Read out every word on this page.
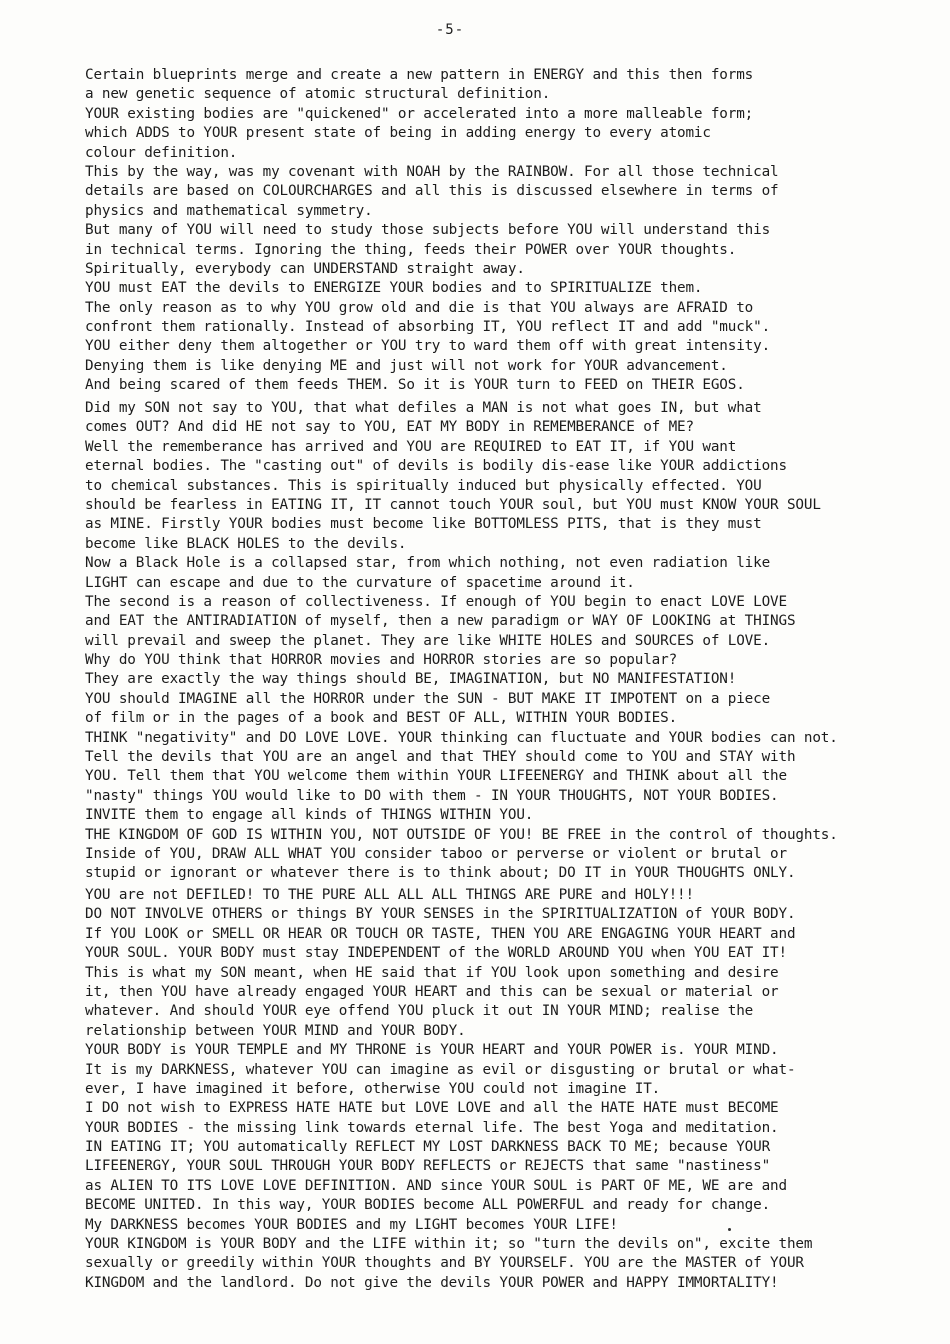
-5-
Certain blueprints merge and create a new pattern in ENERGY and this then forms
a new genetic sequence of atomic structural definition.
YOUR existing bodies are "quickened" or accelerated into a more malleable form;
which ADDS to YOUR present state of being in adding energy to every atomic
colour definition.
This by the way, was my covenant with NOAH by the RAINBOW. For all those technical
details are based on COLOURCHARGES and all this is discussed elsewhere in terms of
physics and mathematical symmetry.
But many of YOU will need to study those subjects before YOU will understand this
in technical terms. Ignoring the thing, feeds their POWER over YOUR thoughts.
Spiritually, everybody can UNDERSTAND straight away.
YOU must EAT the devils to ENERGIZE YOUR bodies and to SPIRITUALIZE them.
The only reason as to why YOU grow old and die is that YOU always are AFRAID to
confront them rationally. Instead of absorbing IT, YOU reflect IT and add "muck".
YOU either deny them altogether or YOU try to ward them off with great intensity.
Denying them is like denying ME and just will not work for YOUR advancement.
And being scared of them feeds THEM. So it is YOUR turn to FEED on THEIR EGOS.
Did my SON not say to YOU, that what defiles a MAN is not what goes IN, but what
comes OUT? And did HE not say to YOU, EAT MY BODY in REMEMBERANCE of ME?
Well the rememberance has arrived and YOU are REQUIRED to EAT IT, if YOU want
eternal bodies. The "casting out" of devils is bodily dis-ease like YOUR addictions
to chemical substances. This is spiritually induced but physically effected. YOU
should be fearless in EATING IT, IT cannot touch YOUR soul, but YOU must KNOW YOUR SOUL
as MINE. Firstly YOUR bodies must become like BOTTOMLESS PITS, that is they must
become like BLACK HOLES to the devils.
Now a Black Hole is a collapsed star, from which nothing, not even radiation like
LIGHT can escape and due to the curvature of spacetime around it.
The second is a reason of collectiveness. If enough of YOU begin to enact LOVE LOVE
and EAT the ANTIRADIATION of myself, then a new paradigm or WAY OF LOOKING at THINGS
will prevail and sweep the planet. They are like WHITE HOLES and SOURCES of LOVE.
Why do YOU think that HORROR movies and HORROR stories are so popular?
They are exactly the way things should BE, IMAGINATION, but NO MANIFESTATION!
YOU should IMAGINE all the HORROR under the SUN - BUT MAKE IT IMPOTENT on a piece
of film or in the pages of a book and BEST OF ALL, WITHIN YOUR BODIES.
THINK "negativity" and DO LOVE LOVE. YOUR thinking can fluctuate and YOUR bodies can not.
Tell the devils that YOU are an angel and that THEY should come to YOU and STAY with
YOU. Tell them that YOU welcome them within YOUR LIFEENERGY and THINK about all the
"nasty" things YOU would like to DO with them - IN YOUR THOUGHTS, NOT YOUR BODIES.
INVITE them to engage all kinds of THINGS WITHIN YOU.
THE KINGDOM OF GOD IS WITHIN YOU, NOT OUTSIDE OF YOU! BE FREE in the control of thoughts.
Inside of YOU, DRAW ALL WHAT YOU consider taboo or perverse or violent or brutal or
stupid or ignorant or whatever there is to think about; DO IT in YOUR THOUGHTS ONLY.
YOU are not DEFILED! TO THE PURE ALL ALL ALL THINGS ARE PURE and HOLY!!!
DO NOT INVOLVE OTHERS or things BY YOUR SENSES in the SPIRITUALIZATION of YOUR BODY.
If YOU LOOK or SMELL OR HEAR OR TOUCH OR TASTE, THEN YOU ARE ENGAGING YOUR HEART and
YOUR SOUL. YOUR BODY must stay INDEPENDENT of the WORLD AROUND YOU when YOU EAT IT!
This is what my SON meant, when HE said that if YOU look upon something and desire
it, then YOU have already engaged YOUR HEART and this can be sexual or material or
whatever. And should YOUR eye offend YOU pluck it out IN YOUR MIND; realise the
relationship between YOUR MIND and YOUR BODY.
YOUR BODY is YOUR TEMPLE and MY THRONE is YOUR HEART and YOUR POWER is. YOUR MIND.
It is my DARKNESS, whatever YOU can imagine as evil or disgusting or brutal or what-
ever, I have imagined it before, otherwise YOU could not imagine IT.
I DO not wish to EXPRESS HATE HATE but LOVE LOVE and all the HATE HATE must BECOME
YOUR BODIES - the missing link towards eternal life. The best Yoga and meditation.
IN EATING IT; YOU automatically REFLECT MY LOST DARKNESS BACK TO ME; because YOUR
LIFEENERGY, YOUR SOUL THROUGH YOUR BODY REFLECTS or REJECTS that same "nastiness"
as ALIEN TO ITS LOVE LOVE DEFINITION. AND since YOUR SOUL is PART OF ME, WE are and
BECOME UNITED. In this way, YOUR BODIES become ALL POWERFUL and ready for change.
My DARKNESS becomes YOUR BODIES and my LIGHT becomes YOUR LIFE!
YOUR KINGDOM is YOUR BODY and the LIFE within it; so "turn the devils on", excite them
sexually or greedily within YOUR thoughts and BY YOURSELF. YOU are the MASTER of YOUR
KINGDOM and the landlord. Do not give the devils YOUR POWER and HAPPY IMMORTALITY!
